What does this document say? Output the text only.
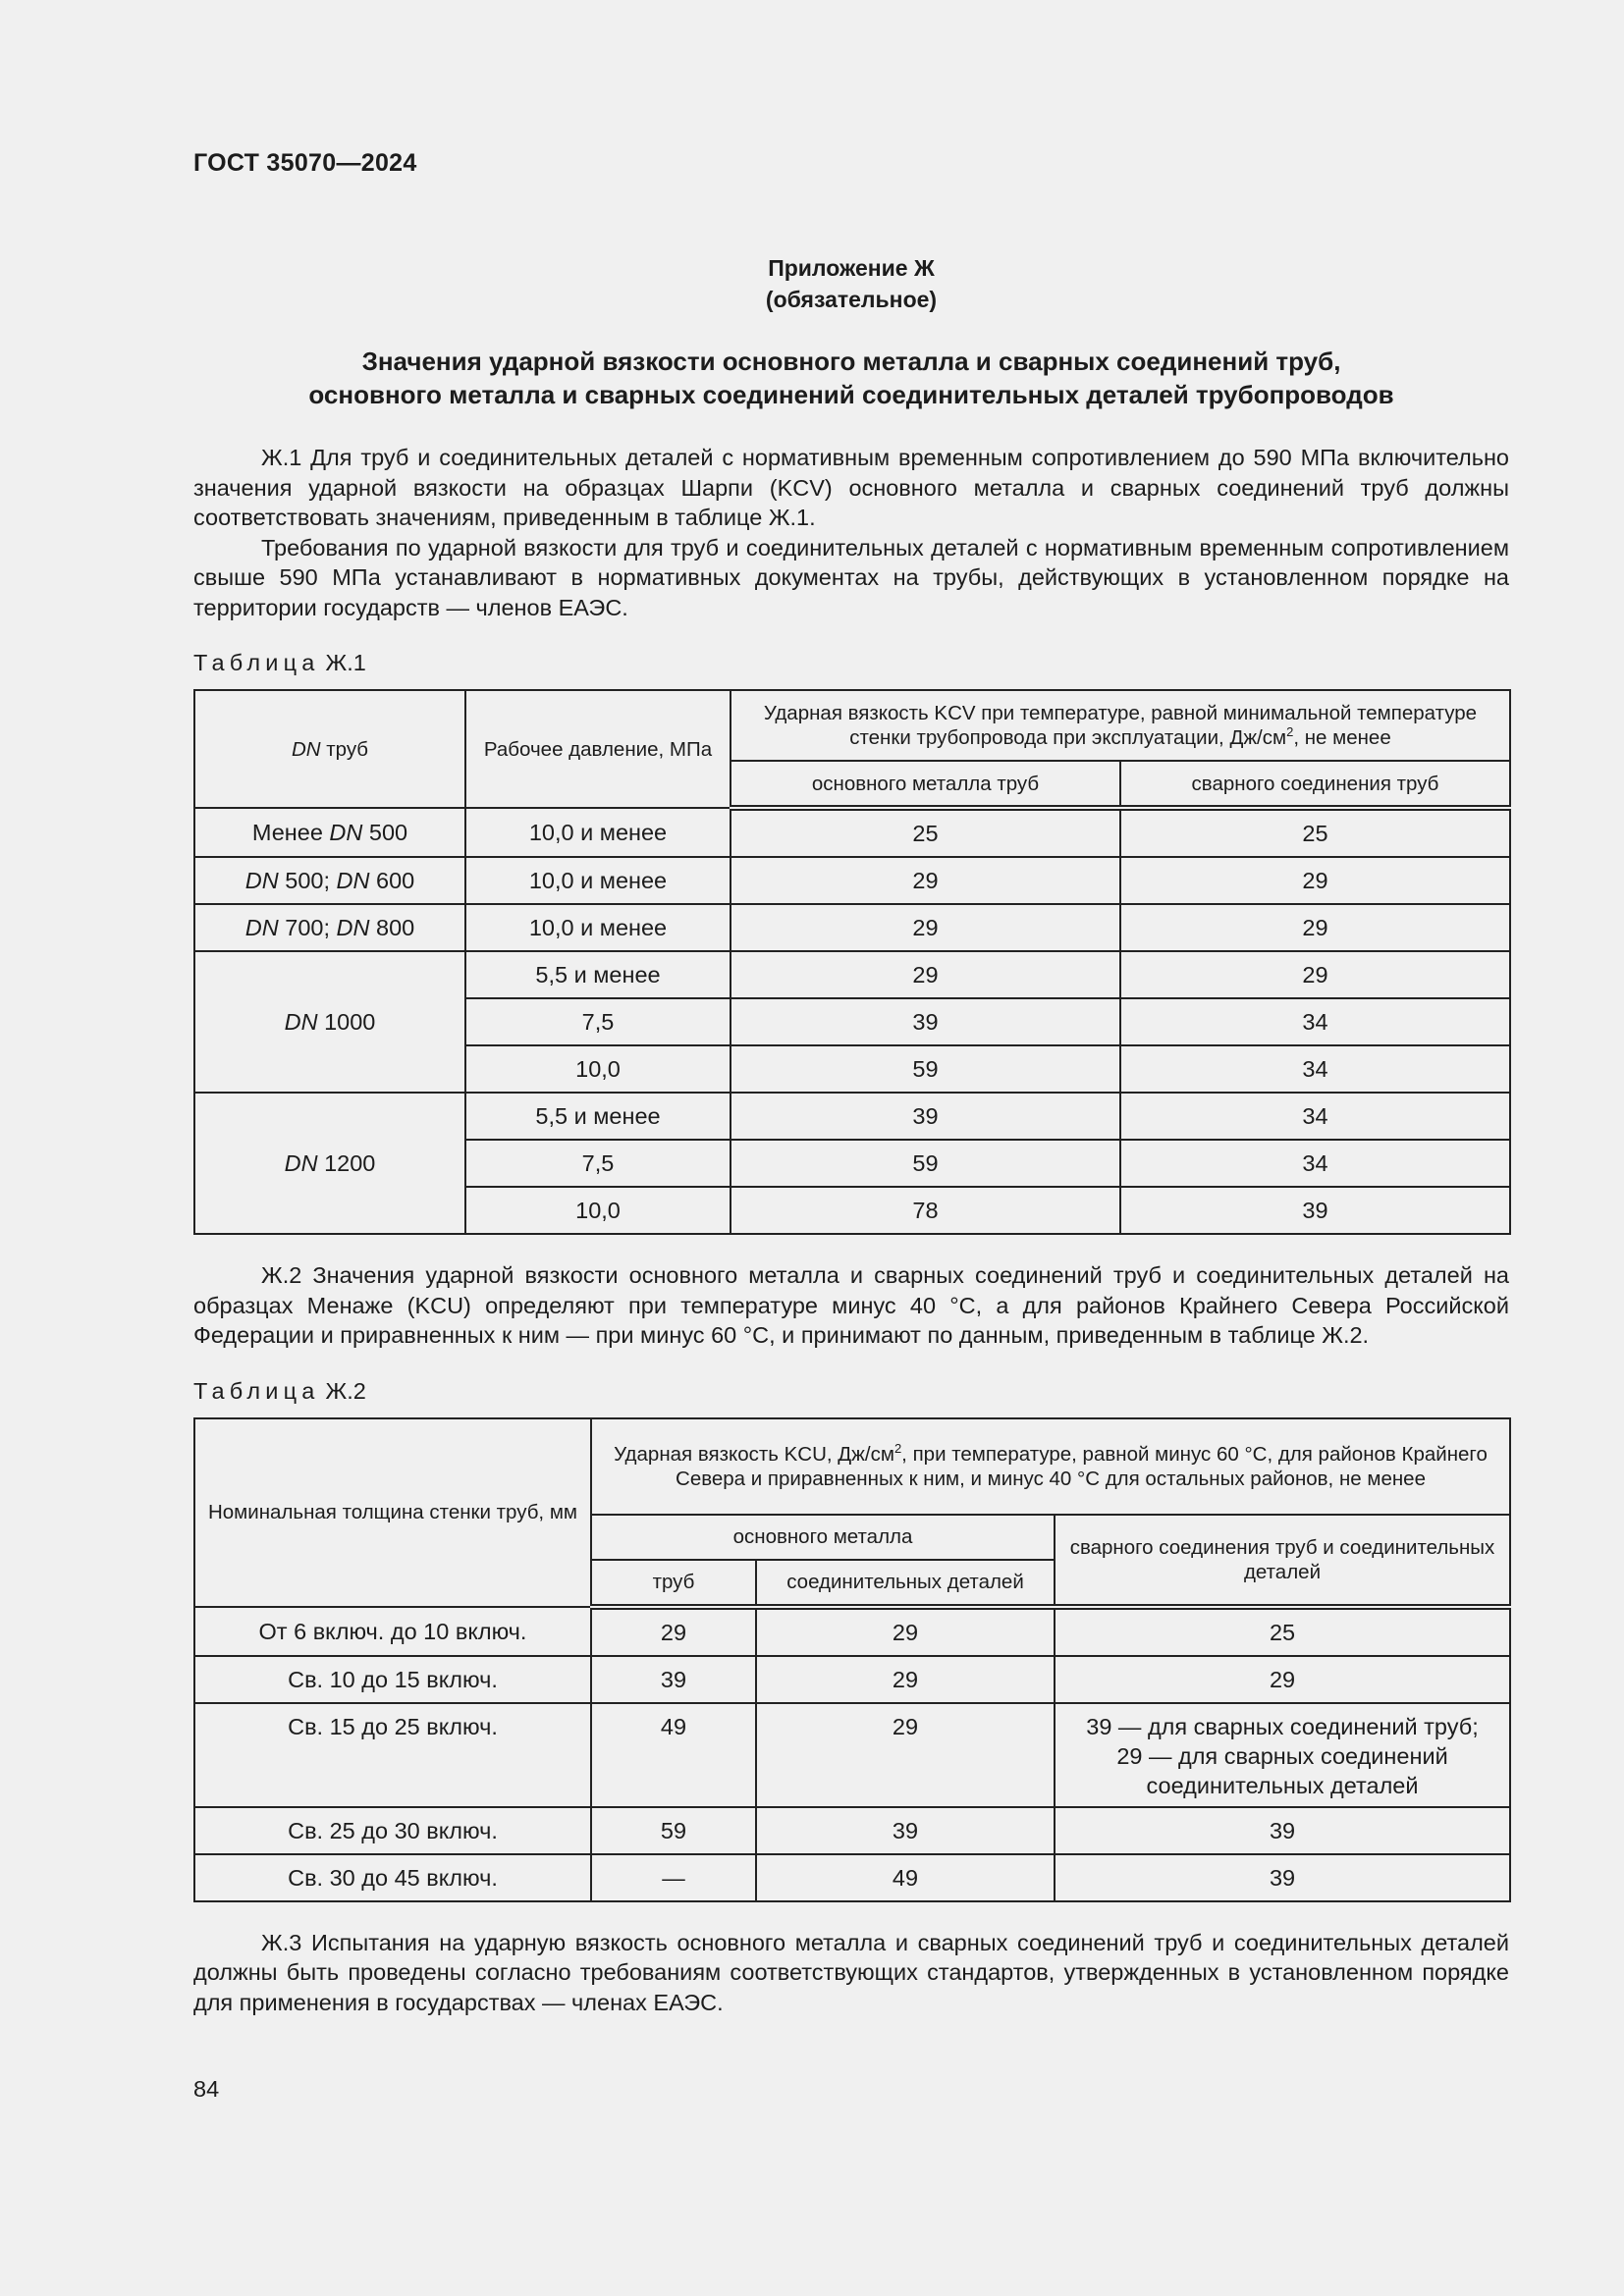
ГОСТ 35070—2024
Приложение Ж
(обязательное)
Значения ударной вязкости основного металла и сварных соединений труб,
основного металла и сварных соединений соединительных деталей трубопроводов

Ж.1 Для труб и соединительных деталей с нормативным временным сопротивлением до 590 МПа включительно значения ударной вязкости на образцах Шарпи (KCV) основного металла и сварных соединений труб должны соответствовать значениям, приведенным в таблице Ж.1.

Требования по ударной вязкости для труб и соединительных деталей с нормативным временным сопротивлением свыше 590 МПа устанавливают в нормативных документах на трубы, действующих в установленном порядке на территории государств — членов ЕАЭС.

Таблица Ж.1
DN труб	Рабочее давление, МПа	Ударная вязкость KCV при температуре, равной минимальной температуре стенки трубопровода при эксплуатации, $Дж/см^2$, не менее	
		основного металла труб	сварного соединения труб
Менее DN 500	10,0 и менее	25	25
DN 500; DN 600	10,0 и менее	29	29
DN 700; DN 800	10,0 и менее	29	29
DN 1000	5,5 и менее	29	29
	7,5	39	34
	10,0	59	34
DN 1200	5,5 и менее	39	34
	7,5	59	34
	10,0	78	39

Ж.2 Значения ударной вязкости основного металла и сварных соединений труб и соединительных деталей на образцах Менаже (KCU) определяют при температуре минус 40 °C, а для районов Крайнего Севера Российской Федерации и приравненных к ним — при минус 60 °C, и принимают по данным, приведенным в таблице Ж.2.

Таблица Ж.2
Номинальная толщина стенки труб, мм	Ударная вязкость KCU, $Дж/см^2$, при температуре, равной минус 60 °C, для районов Крайнего Севера и приравненных к ним, и минус 40 °C для остальных районов, не менее		
	основного металла		сварного соединения труб и соединительных деталей
	труб	соединительных деталей	
От 6 включ. до 10 включ.	29	29	25
Св. 10 до 15 включ.	39	29	29
Св. 15 до 25 включ.	49	29	39 — для сварных соединений труб;
29 — для сварных соединений
соединительных деталей

Св. 25 до 30 включ.	59	39	39
Св. 30 до 45 включ.	—	49	39

Ж.3 Испытания на ударную вязкость основного металла и сварных соединений труб и соединительных деталей должны быть проведены согласно требованиям соответствующих стандартов, утвержденных в установленном порядке для применения в государствах — членах ЕАЭС.

84
